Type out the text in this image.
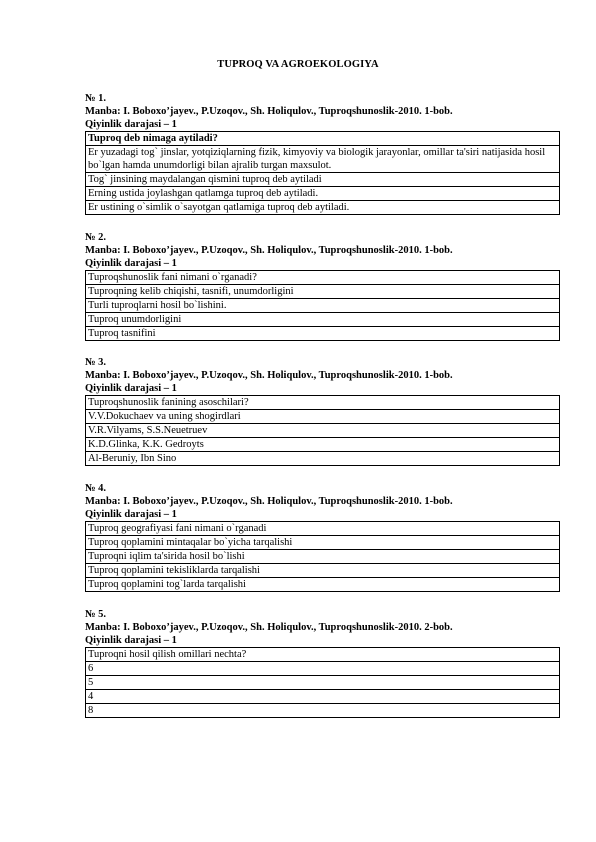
TUPROQ VA AGROEKOLOGIYA
№ 1.
Manba: I. Boboxo’jayev., P.Uzoqov., Sh. Holiqulov., Tuproqshunoslik-2010. 1-bob.
Qiyinlik darajasi – 1
Tuproq deb nimaga aytiladi?
Er yuzadagi tog` jinslar, yotqiziqlarning fizik, kimyoviy va biologik jarayonlar, omillar ta'siri natijasida hosil bo`lgan hamda unumdorligi bilan ajralib turgan maxsulot.
Tog` jinsining maydalangan qismini tuproq deb aytiladi
Erning ustida joylashgan qatlamga tuproq deb aytiladi.
Er ustining o`simlik o`sayotgan qatlamiga tuproq deb aytiladi.
№ 2.
Manba: I. Boboxo’jayev., P.Uzoqov., Sh. Holiqulov., Tuproqshunoslik-2010. 1-bob.
Qiyinlik darajasi – 1
Tuproqshunoslik fani nimani o`rganadi?
Tuproqning kelib chiqishi, tasnifi, unumdorligini
Turli tuproqlarni hosil bo`lishini.
Tuproq unumdorligini
Tuproq tasnifini
№ 3.
Manba: I. Boboxo’jayev., P.Uzoqov., Sh. Holiqulov., Tuproqshunoslik-2010. 1-bob.
Qiyinlik darajasi – 1
Tuproqshunoslik fanining asoschilari?
V.V.Dokuchaev va uning shogirdlari
V.R.Vilyams, S.S.Neuetruev
K.D.Glinka, K.K. Gedroyts
Al-Beruniy, Ibn Sino
№ 4.
Manba: I. Boboxo’jayev., P.Uzoqov., Sh. Holiqulov., Tuproqshunoslik-2010. 1-bob.
Qiyinlik darajasi – 1
Tuproq geografiyasi fani nimani o`rganadi
Tuproq qoplamini mintaqalar bo`yicha tarqalishi
Tuproqni iqlim ta'sirida hosil bo`lishi
Tuproq qoplamini tekisliklarda tarqalishi
Tuproq qoplamini tog`larda tarqalishi
№ 5.
Manba: I. Boboxo’jayev., P.Uzoqov., Sh. Holiqulov., Tuproqshunoslik-2010. 2-bob.
Qiyinlik darajasi – 1
Tuproqni hosil qilish omillari nechta?
6
5
4
8
